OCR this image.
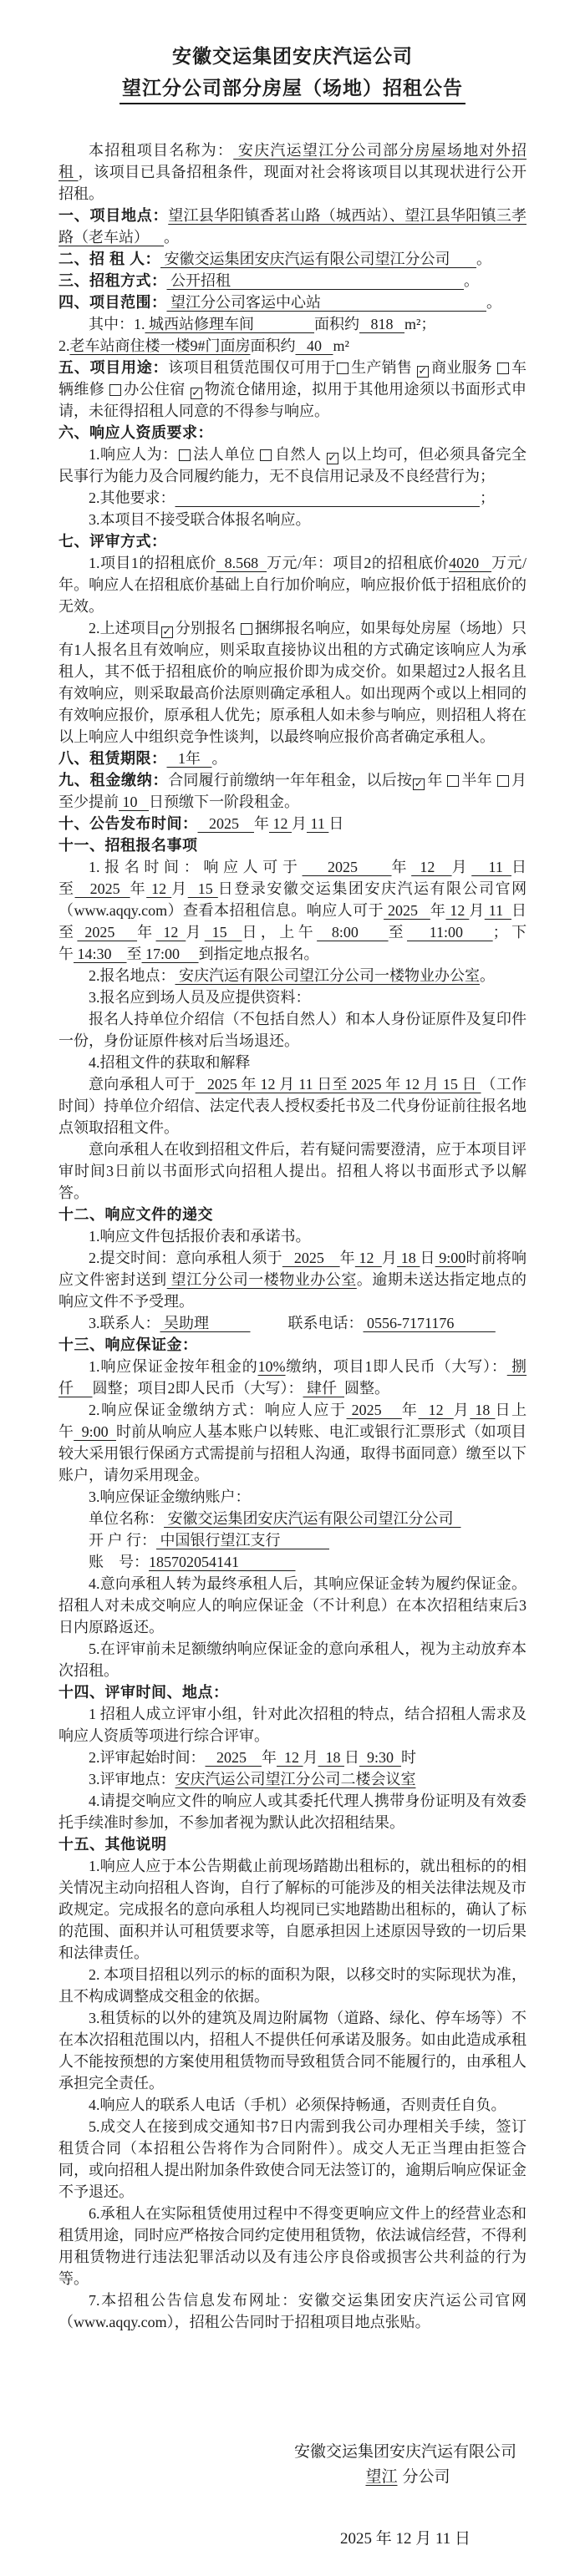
安徽交运集团安庆汽运公司
望江分公司部分房屋（场地）招租公告

本招租项目名称为： 安庆汽运望江分公司部分房屋场地对外招租 ，该项目已具备招租条件，现面对社会将该项目以其现状进行公开招租。

一、项目地点：望江县华阳镇香茗山路（城西站）、望江县华阳镇三孝路（老车站）    。

二、招 租 人： 安徽交运集团安庆汽运有限公司望江分公司       。

三、招租方式： 公开招租                                                              。

四、项目范围： 望江分公司客运中心站                                            。

其中：1. 城西站修理车间                面积约   818   m²；

2.老车站商住楼一楼9#门面房面积约   40   m²

五、项目用途：该项目租赁范围仅可用于 生产销售 ✓ 商业服务 车辆维修 办公住宿 ✓ 物流仓储用途，拟用于其他用途须以书面形式申请，未征得招租人同意的不得参与响应。

六、响应人资质要求：

1.响应人为： 法人单位 自然人 ✓ 以上均可，但必须具备完全民事行为能力及合同履约能力，无不良信用记录及不良经营行为；

2.其他要求：	；

3.本项目不接受联合体报名响应。

七、评审方式：

1.项目1的招租底价  8.568  万元/年：项目2的招租底价4020   万元/年。响应人在招租底价基础上自行加价响应，响应报价低于招租底价的无效。

2.上述项目 ✓ 分别报名 捆绑报名响应，如果每处房屋（场地）只有1人报名且有效响应，则采取直接协议出租的方式确定该响应人为承租人，其不低于招租底价的响应报价即为成交价。如果超过2人报名且有效响应，则采取最高价法原则确定承租人。如出现两个或以上相同的有效响应报价，原承租人优先；原承租人如未参与响应，则招租人将在以上响应人中组织竞争性谈判，以最终响应报价高者确定承租人。

八、租赁期限：   1年   。

九、租金缴纳：合同履行前缴纳一年年租金，以后按 ✓ 年 半年 月 至少提前 10   日预缴下一阶段租金。

十、公告发布时间：   2025    年 12 月 11 日

十一、招租报名事项

1.报名时间：响应人可于   2025    年 12  月  11 日至   2025  年 12 月  15 日登录安徽交运集团安庆汽运有限公司官网（www.aqqy.com）查看本招租信息。响应人可于 2025   年 12 月 11  日至 2025   年 12 月 15  日，上午  8:00    至   11:00    ；下午 14:30    至 17:00     到指定地点报名。

2.报名地点： 安庆汽运有限公司望江分公司一楼物业办公室。

3.报名应到场人员及应提供资料：

报名人持单位介绍信（不包括自然人）和本人身份证原件及复印件一份，身份证原件核对后当场退还。

4.招租文件的获取和解释

意向承租人可于   2025 年 12 月 11 日至 2025 年 12 月 15 日 （工作时间）持单位介绍信、法定代表人授权委托书及二代身份证前往报名地点领取招租文件。

意向承租人在收到招租文件后，若有疑问需要澄清，应于本项目评审时间3日前以书面形式向招租人提出。招租人将以书面形式予以解答。

十二、响应文件的递交

1.响应文件包括报价表和承诺书。

2.提交时间：意向承租人须于   2025    年 12  月 18 日 9:00时前将响应文件密封送到 望江分公司一楼物业办公室。逾期未送达指定地点的响应文件不予受理。

3.联系人： 吴助理	联系电话： 0556-7171176

十三、响应保证金：

1.响应保证金按年租金的10%缴纳，项目1即人民币（大写）： 捌仟     圆整；项目2即人民币（大写）： 肆仟  圆整。

2.响应保证金缴纳方式：响应人应于 2025    年  12  月 18 日上午  9:00  时前从响应人基本账户以转账、电汇或银行汇票形式（如项目较大采用银行保函方式需提前与招租人沟通，取得书面同意）缴至以下账户，请勿采用现金。

3.响应保证金缴纳账户：

单位名称： 安徽交运集团安庆汽运有限公司望江分公司

开 户 行： 中国银行望江支行

账    号：185702054141

4.意向承租人转为最终承租人后，其响应保证金转为履约保证金。招租人对未成交响应人的响应保证金（不计利息）在本次招租结束后3日内原路返还。

5.在评审前未足额缴纳响应保证金的意向承租人，视为主动放弃本次招租。

十四、评审时间、地点：

1 招租人成立评审小组，针对此次招租的特点，结合招租人需求及响应人资质等项进行综合评审。

2.评审起始时间：   2025    年  12 月  18 日  9:30  时

3.评审地点：安庆汽运公司望江分公司二楼会议室

4.请提交响应文件的响应人或其委托代理人携带身份证明及有效委托手续准时参加，不参加者视为默认此次招租结果。

十五、其他说明

1.响应人应于本公告期截止前现场踏勘出租标的，就出租标的的相关情况主动向招租人咨询，自行了解标的可能涉及的相关法律法规及市政规定。完成报名的意向承租人均视同已实地踏勘出租标的，确认了标的范围、面积并认可租赁要求等，自愿承担因上述原因导致的一切后果和法律责任。

2. 本项目招租以列示的标的面积为限，以移交时的实际现状为准，且不构成调整成交租金的依据。

3.租赁标的以外的建筑及周边附属物（道路、绿化、停车场等）不在本次招租范围以内，招租人不提供任何承诺及服务。如由此造成承租人不能按预想的方案使用租赁物而导致租赁合同不能履行的，由承租人承担完全责任。

4.响应人的联系人电话（手机）必须保持畅通，否则责任自负。

5.成交人在接到成交通知书7日内需到我公司办理相关手续，签订租赁合同（本招租公告将作为合同附件）。成交人无正当理由拒签合同，或向招租人提出附加条件致使合同无法签订的，逾期后响应保证金不予退还。

6.承租人在实际租赁使用过程中不得变更响应文件上的经营业态和租赁用途，同时应严格按合同约定使用租赁物，依法诚信经营，不得利用租赁物进行违法犯罪活动以及有违公序良俗或损害公共利益的行为等。

7.本招租公告信息发布网址：安徽交运集团安庆汽运公司官网（www.aqqy.com），招租公告同时于招租项目地点张贴。

安徽交运集团安庆汽运有限公司
望江 分公司
2025 年 12 月 11 日
